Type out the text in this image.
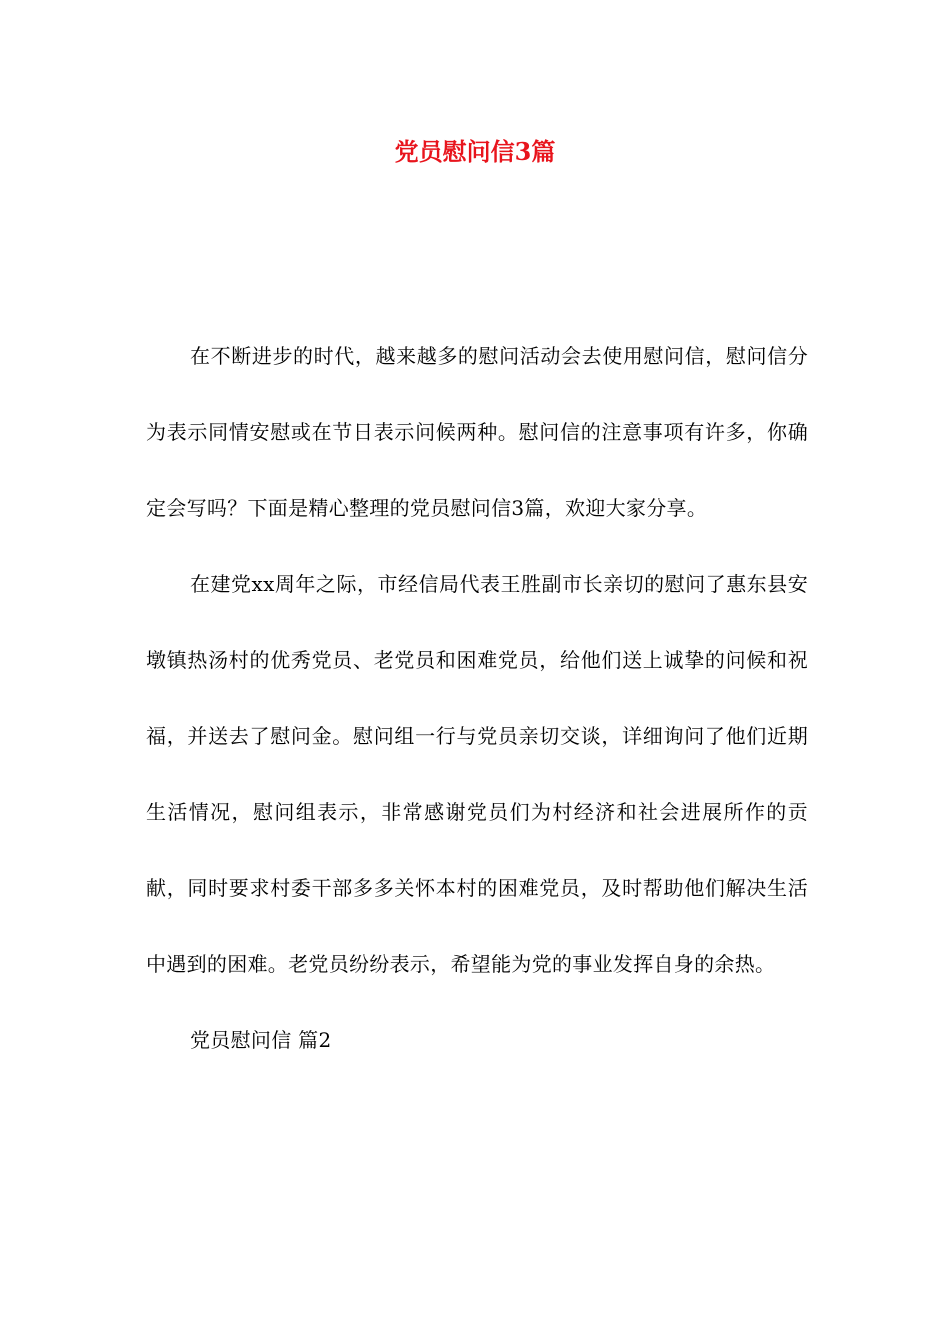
党员慰问信3篇

在不断进步的时代，越来越多的慰问活动会去使用慰问信，慰问信分为表示同情安慰或在节日表示问候两种。慰问信的注意事项有许多，你确定会写吗？下面是精心整理的党员慰问信3篇，欢迎大家分享。

在建党xx周年之际，市经信局代表王胜副市长亲切的慰问了惠东县安墩镇热汤村的优秀党员、老党员和困难党员，给他们送上诚挚的问候和祝福，并送去了慰问金。慰问组一行与党员亲切交谈，详细询问了他们近期生活情况，慰问组表示，非常感谢党员们为村经济和社会进展所作的贡献，同时要求村委干部多多关怀本村的困难党员，及时帮助他们解决生活中遇到的困难。老党员纷纷表示，希望能为党的事业发挥自身的余热。

党员慰问信 篇2
